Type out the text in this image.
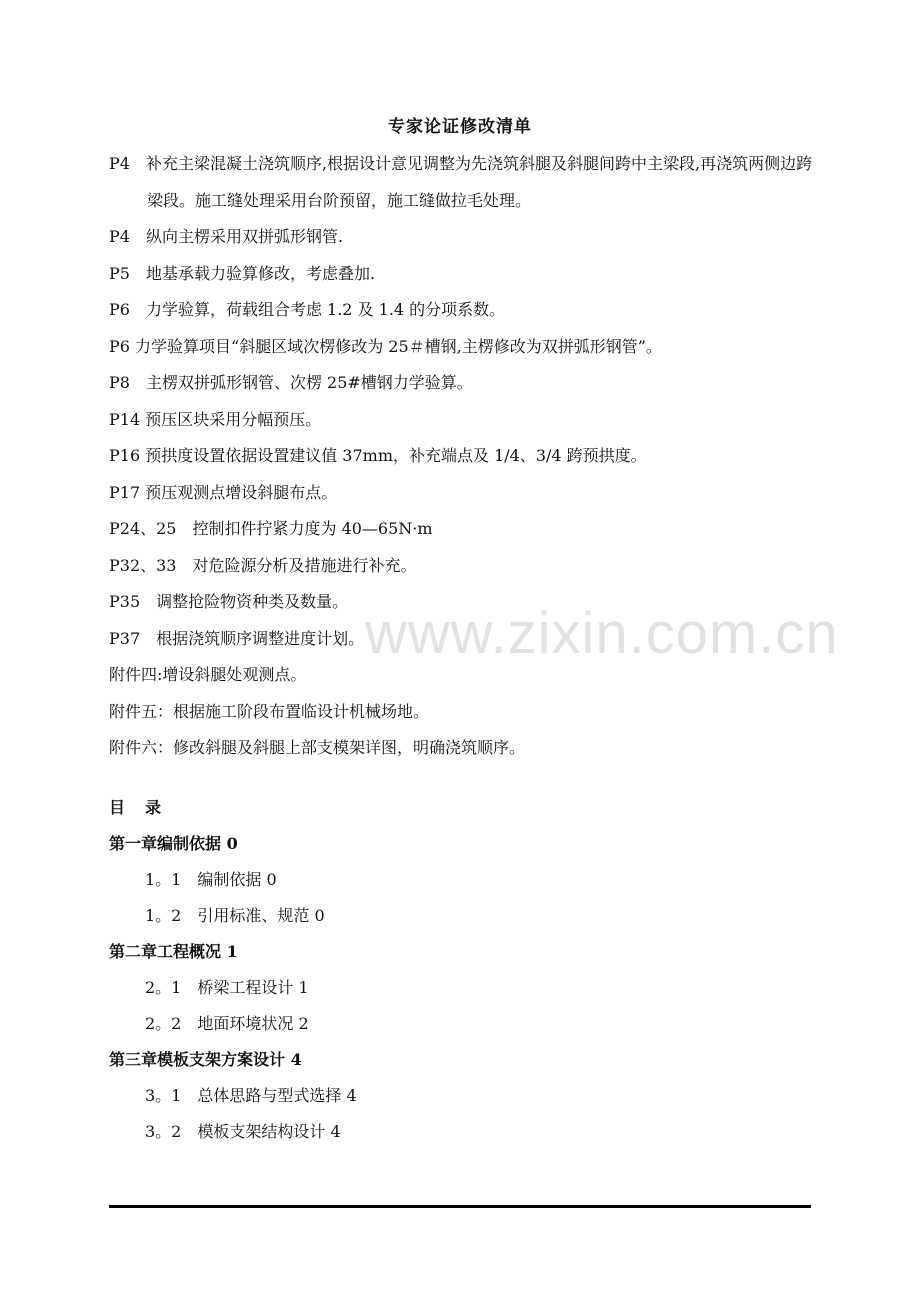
专家论证修改清单
P4　补充主梁混凝土浇筑顺序,根据设计意见调整为先浇筑斜腿及斜腿间跨中主梁段,再浇筑两侧边跨梁段。施工缝处理采用台阶预留，施工缝做拉毛处理。
P4　纵向主楞采用双拼弧形钢管.
P5　地基承载力验算修改，考虑叠加.
P6　力学验算，荷载组合考虑 1.2 及 1.4 的分项系数。
P6 力学验算项目“斜腿区域次楞修改为 25＃槽钢,主楞修改为双拼弧形钢管”。
P8　主楞双拼弧形钢管、次楞 25#槽钢力学验算。
P14 预压区块采用分幅预压。
P16 预拱度设置依据设置建议值 37mm，补充端点及 1/4、3/4 跨预拱度。
P17 预压观测点增设斜腿布点。
P24、25　控制扣件拧紧力度为 40—65N·m
P32、33　对危险源分析及措施进行补充。
P35　调整抢险物资种类及数量。
P37　根据浇筑顺序调整进度计划。
附件四:增设斜腿处观测点。
附件五：根据施工阶段布置临设计机械场地。
附件六：修改斜腿及斜腿上部支模架详图，明确浇筑顺序。
目　录
第一章编制依据 0
1。1　编制依据 0
1。2　引用标准、规范 0
第二章工程概况 1
2。1　桥梁工程设计 1
2。2　地面环境状况 2
第三章模板支架方案设计 4
3。1　总体思路与型式选择 4
3。2　模板支架结构设计 4
www.zixin.com.cn
